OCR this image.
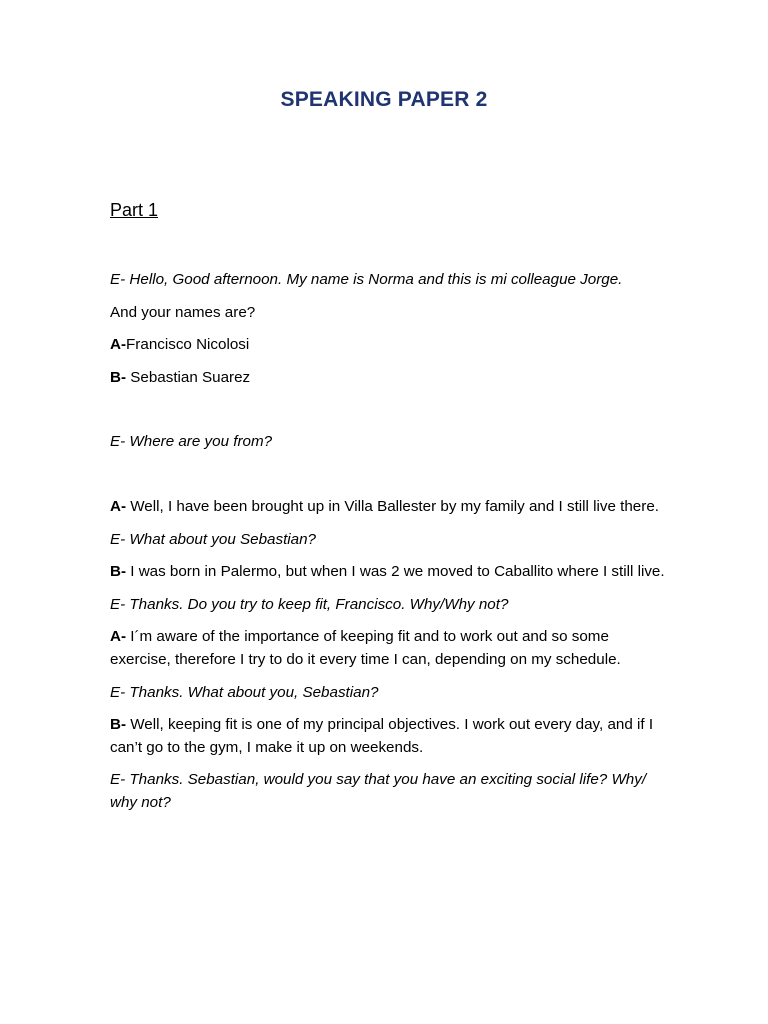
SPEAKING PAPER 2
Part 1

E- Hello, Good afternoon. My name is Norma and this is mi colleague Jorge.

And your names are?

A-Francisco Nicolosi

B- Sebastian Suarez

E- Where are you from?

A- Well, I have been brought up in Villa Ballester by my family and I still live there.

E- What about you Sebastian?

B- I was born in Palermo, but when I was 2 we moved to Caballito where I still live.

E- Thanks. Do you try to keep fit, Francisco. Why/Why not?

A- I´m aware of the importance of keeping fit and to work out and so some exercise, therefore I try to do it every time I can, depending on my schedule.

E- Thanks. What about you, Sebastian?

B- Well, keeping fit is one of my principal objectives. I work out every day, and if I can’t go to the gym, I make it up on weekends.

E- Thanks. Sebastian, would you say that you have an exciting social life? Why/ why not?
